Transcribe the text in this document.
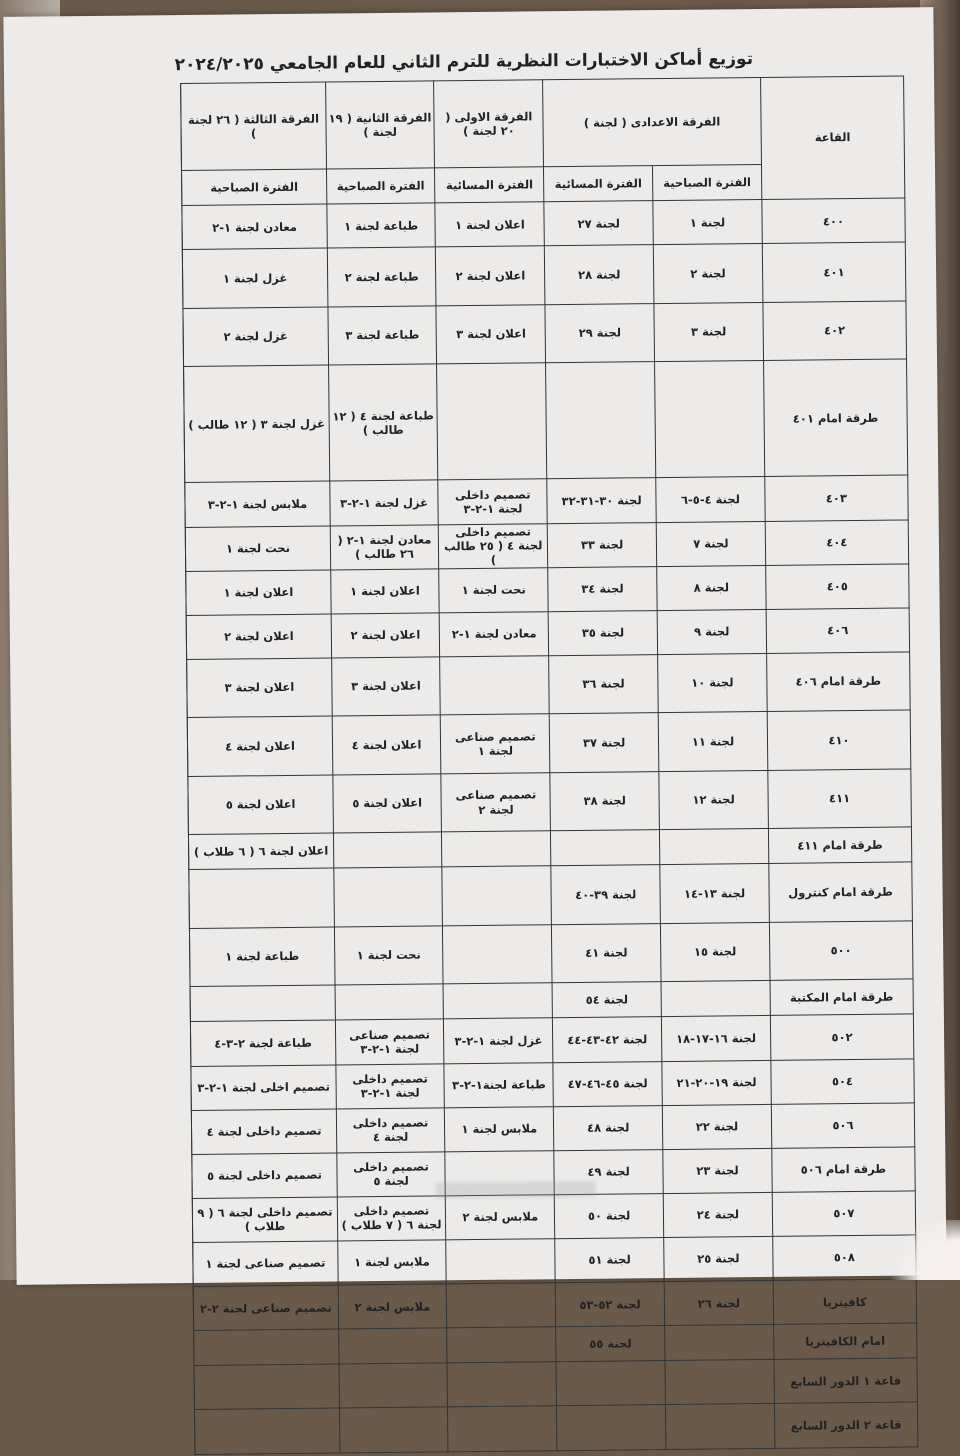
توزيع أماكن الاختبارات النظرية للترم الثاني للعام الجامعي ٢٠٢٤/٢٠٢٥
القاعة	الفرقة الاعدادى ( لجنة )		الفرقة الاولى ( ٢٠ لجنة )	الفرقة الثانية ( ١٩ لجنة )	الفرقة الثالثة ( ٢٦ لجنة )	
	الفترة الصباحية	الفترة المسائية	الفترة المسائية	الفترة الصباحية	الفترة الصباحية	
٤٠٠	لجنة ١	لجنة ٢٧	اعلان لجنة ١	طباعة لجنة ١	معادن لجنة ١-٢	
٤٠١	لجنة ٢	لجنة ٢٨	اعلان لجنة ٢	طباعة لجنة ٢	غزل لجنة ١	
٤٠٢	لجنة ٣	لجنة ٢٩	اعلان لجنة ٣	طباعة لجنة ٣	غزل لجنة ٢	
طرقة امام ٤٠١				طباعة لجنة ٤ ( ١٢ طالب )	غزل لجنة ٣ ( ١٢ طالب )	
٤٠٣	لجنة ٤-٥-٦	لجنة ٣٠-٣١-٣٢	تصميم داخلى لجنة ١-٢-٣	غزل لجنة ١-٢-٣	ملابس لجنة ١-٢-٣	
٤٠٤	لجنة ٧	لجنة ٣٣	تصميم داخلى لجنة ٤ ( ٢٥ طالب )	معادن لجنة ١-٢ ( ٢٦ طالب )	نحت لجنة ١	
٤٠٥	لجنة ٨	لجنة ٣٤	نحت لجنة ١	اعلان لجنة ١	اعلان لجنة ١	
٤٠٦	لجنة ٩	لجنة ٣٥	معادن لجنة ١-٢	اعلان لجنة ٢	اعلان لجنة ٢	
طرقة امام ٤٠٦	لجنة ١٠	لجنة ٣٦		اعلان لجنة ٣	اعلان لجنة ٣	
٤١٠	لجنة ١١	لجنة ٣٧	تصميم صناعى لجنة ١	اعلان لجنة ٤	اعلان لجنة ٤	
٤١١	لجنة ١٢	لجنة ٣٨	تصميم صناعى لجنة ٢	اعلان لجنة ٥	اعلان لجنة ٥	
طرقة امام ٤١١					اعلان لجنة ٦ ( ٦ طلاب )	
طرقة امام كنترول	لجنة ١٣-١٤	لجنة ٣٩-٤٠				
٥٠٠	لجنة ١٥	لجنة ٤١		نحت لجنة ١	طباعة لجنة ١	
طرقة امام المكتبة		لجنة ٥٤				
٥٠٢	لجنة ١٦-١٧-١٨	لجنة ٤٢-٤٣-٤٤	غزل لجنة ١-٢-٣	تصميم صناعى لجنة ١-٢-٣	طباعة لجنة ٢-٣-٤	
٥٠٤	لجنة ١٩-٢٠-٢١	لجنة ٤٥-٤٦-٤٧	طباعة لجنة١-٢-٣	تصميم داخلى لجنة ١-٢-٣	تصميم اخلى لجنة ١-٢-٣	
٥٠٦	لجنة ٢٢	لجنة ٤٨	ملابس لجنة ١	تصميم داخلى لجنة ٤	تصميم داخلى لجنة ٤	
طرقة امام ٥٠٦	لجنة ٢٣	لجنة ٤٩		تصميم داخلى لجنة ٥	تصميم داخلى لجنة ٥	
٥٠٧	لجنة ٢٤	لجنة ٥٠	ملابس لجنة ٢	تصميم داخلى لجنة ٦ ( ٧ طلاب )	تصميم داخلى لجنة ٦ ( ٩ طلاب )	
٥٠٨	لجنة ٢٥	لجنة ٥١		ملابس لجنة ١	تصميم صناعى لجنة ١	
كافيتريا	لجنة ٢٦	لجنة ٥٢-٥٣		ملابس لجنة ٢	تصميم صناعى لجنة ٢-٢	
امام الكافيتريا		لجنة ٥٥				
قاعة ١ الدور السابع						
قاعة ٢ الدور السابع						
